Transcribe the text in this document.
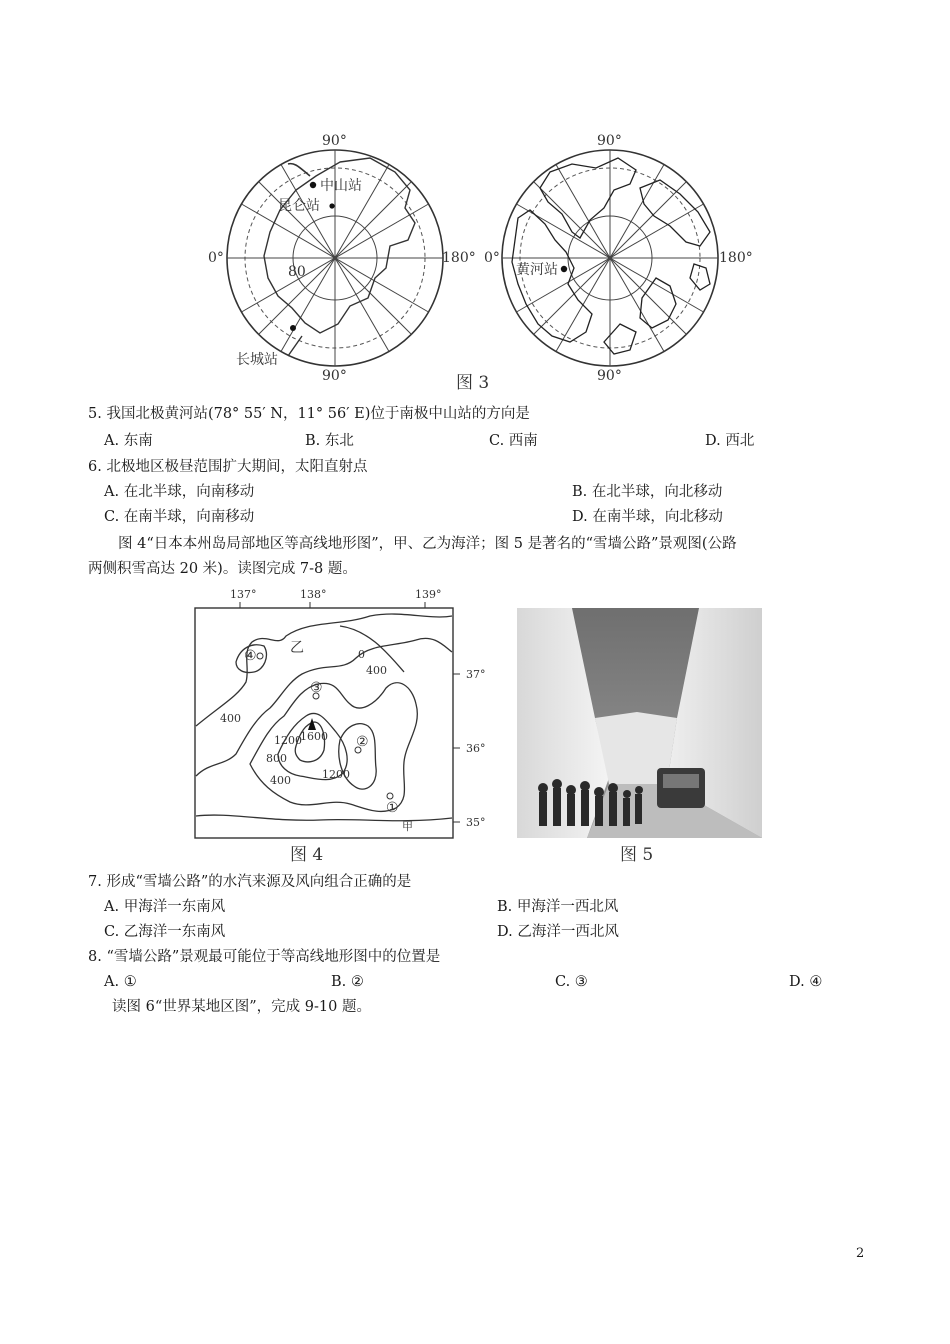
90°
90°
0°	180°
80
中山站
昆仑站
长城站
90°
90°
0°	180°
黄河站
图 3
5. 我国北极黄河站(78° 55′ N，11° 56′ E)位于南极中山站的方向是
A. 东南	B. 东北	C. 西南	D. 西北
6. 北极地区极昼范围扩大期间，太阳直射点
A. 在北半球，向南移动	B. 在北半球，向北移动
C. 在南半球，向南移动	D. 在南半球，向北移动
图 4“日本本州岛局部地区等高线地形图”，甲、乙为海洋；图 5 是著名的“雪墙公路”景观图(公路
两侧积雪高达 20 米)。读图完成 7-8 题。
137°	138°	139°
37°
36°
35°
0
400
400
1200
1600
800
400	1200
①
②
③
④ 乙
甲
图 4	图 5
7. 形成“雪墙公路”的水汽来源及风向组合正确的是
A. 甲海洋一东南风	B. 甲海洋一西北风
C. 乙海洋一东南风	D. 乙海洋一西北风
8. “雪墙公路”景观最可能位于等高线地形图中的位置是
A. ①	B. ②	C. ③	D. ④
读图 6“世界某地区图”，完成 9-10 题。
2
